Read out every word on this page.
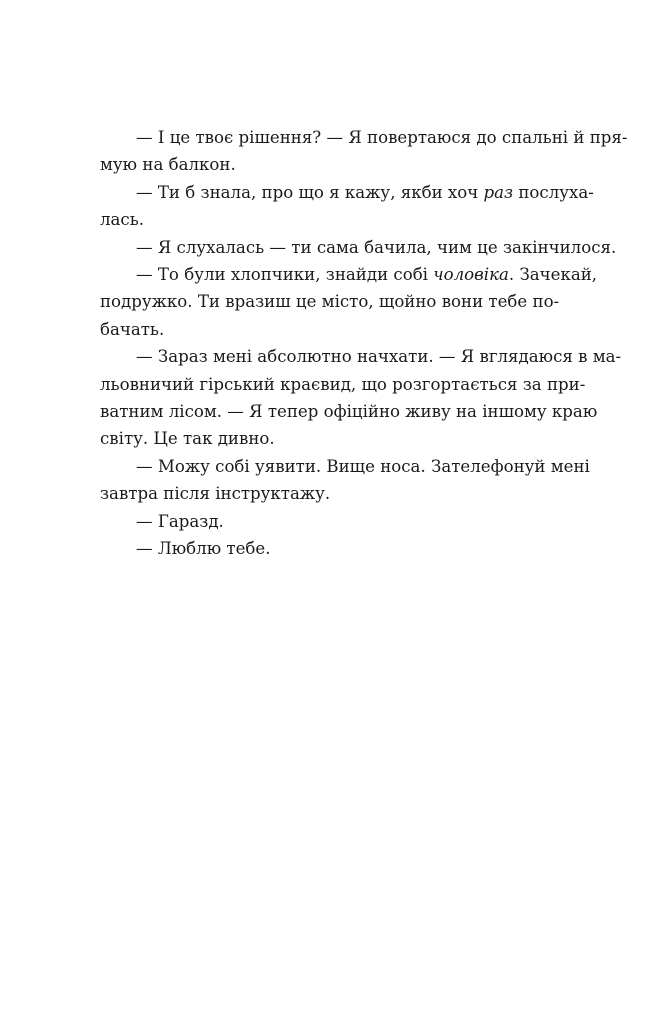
— І це твоє рішення? — Я повертаюся до спальні й пря-
мую на балкон.
— Ти б знала, про що я кажу, якби хоч раз послуха-
лась.
— Я слухалась — ти сама бачила, чим це закінчилося.
— То були хлопчики, знайди собі чоловіка. Зачекай,
подружко. Ти вразиш це місто, щойно вони тебе по-
бачать.
— Зараз мені абсолютно начхати. — Я вглядаюся в ма-
льовничий гірський краєвид, що розгортається за при-
ватним лісом. — Я тепер офіційно живу на іншому краю
світу. Це так дивно.
— Можу собі уявити. Вище носа. Зателефонуй мені
завтра після інструктажу.
— Гаразд.
— Люблю тебе.
